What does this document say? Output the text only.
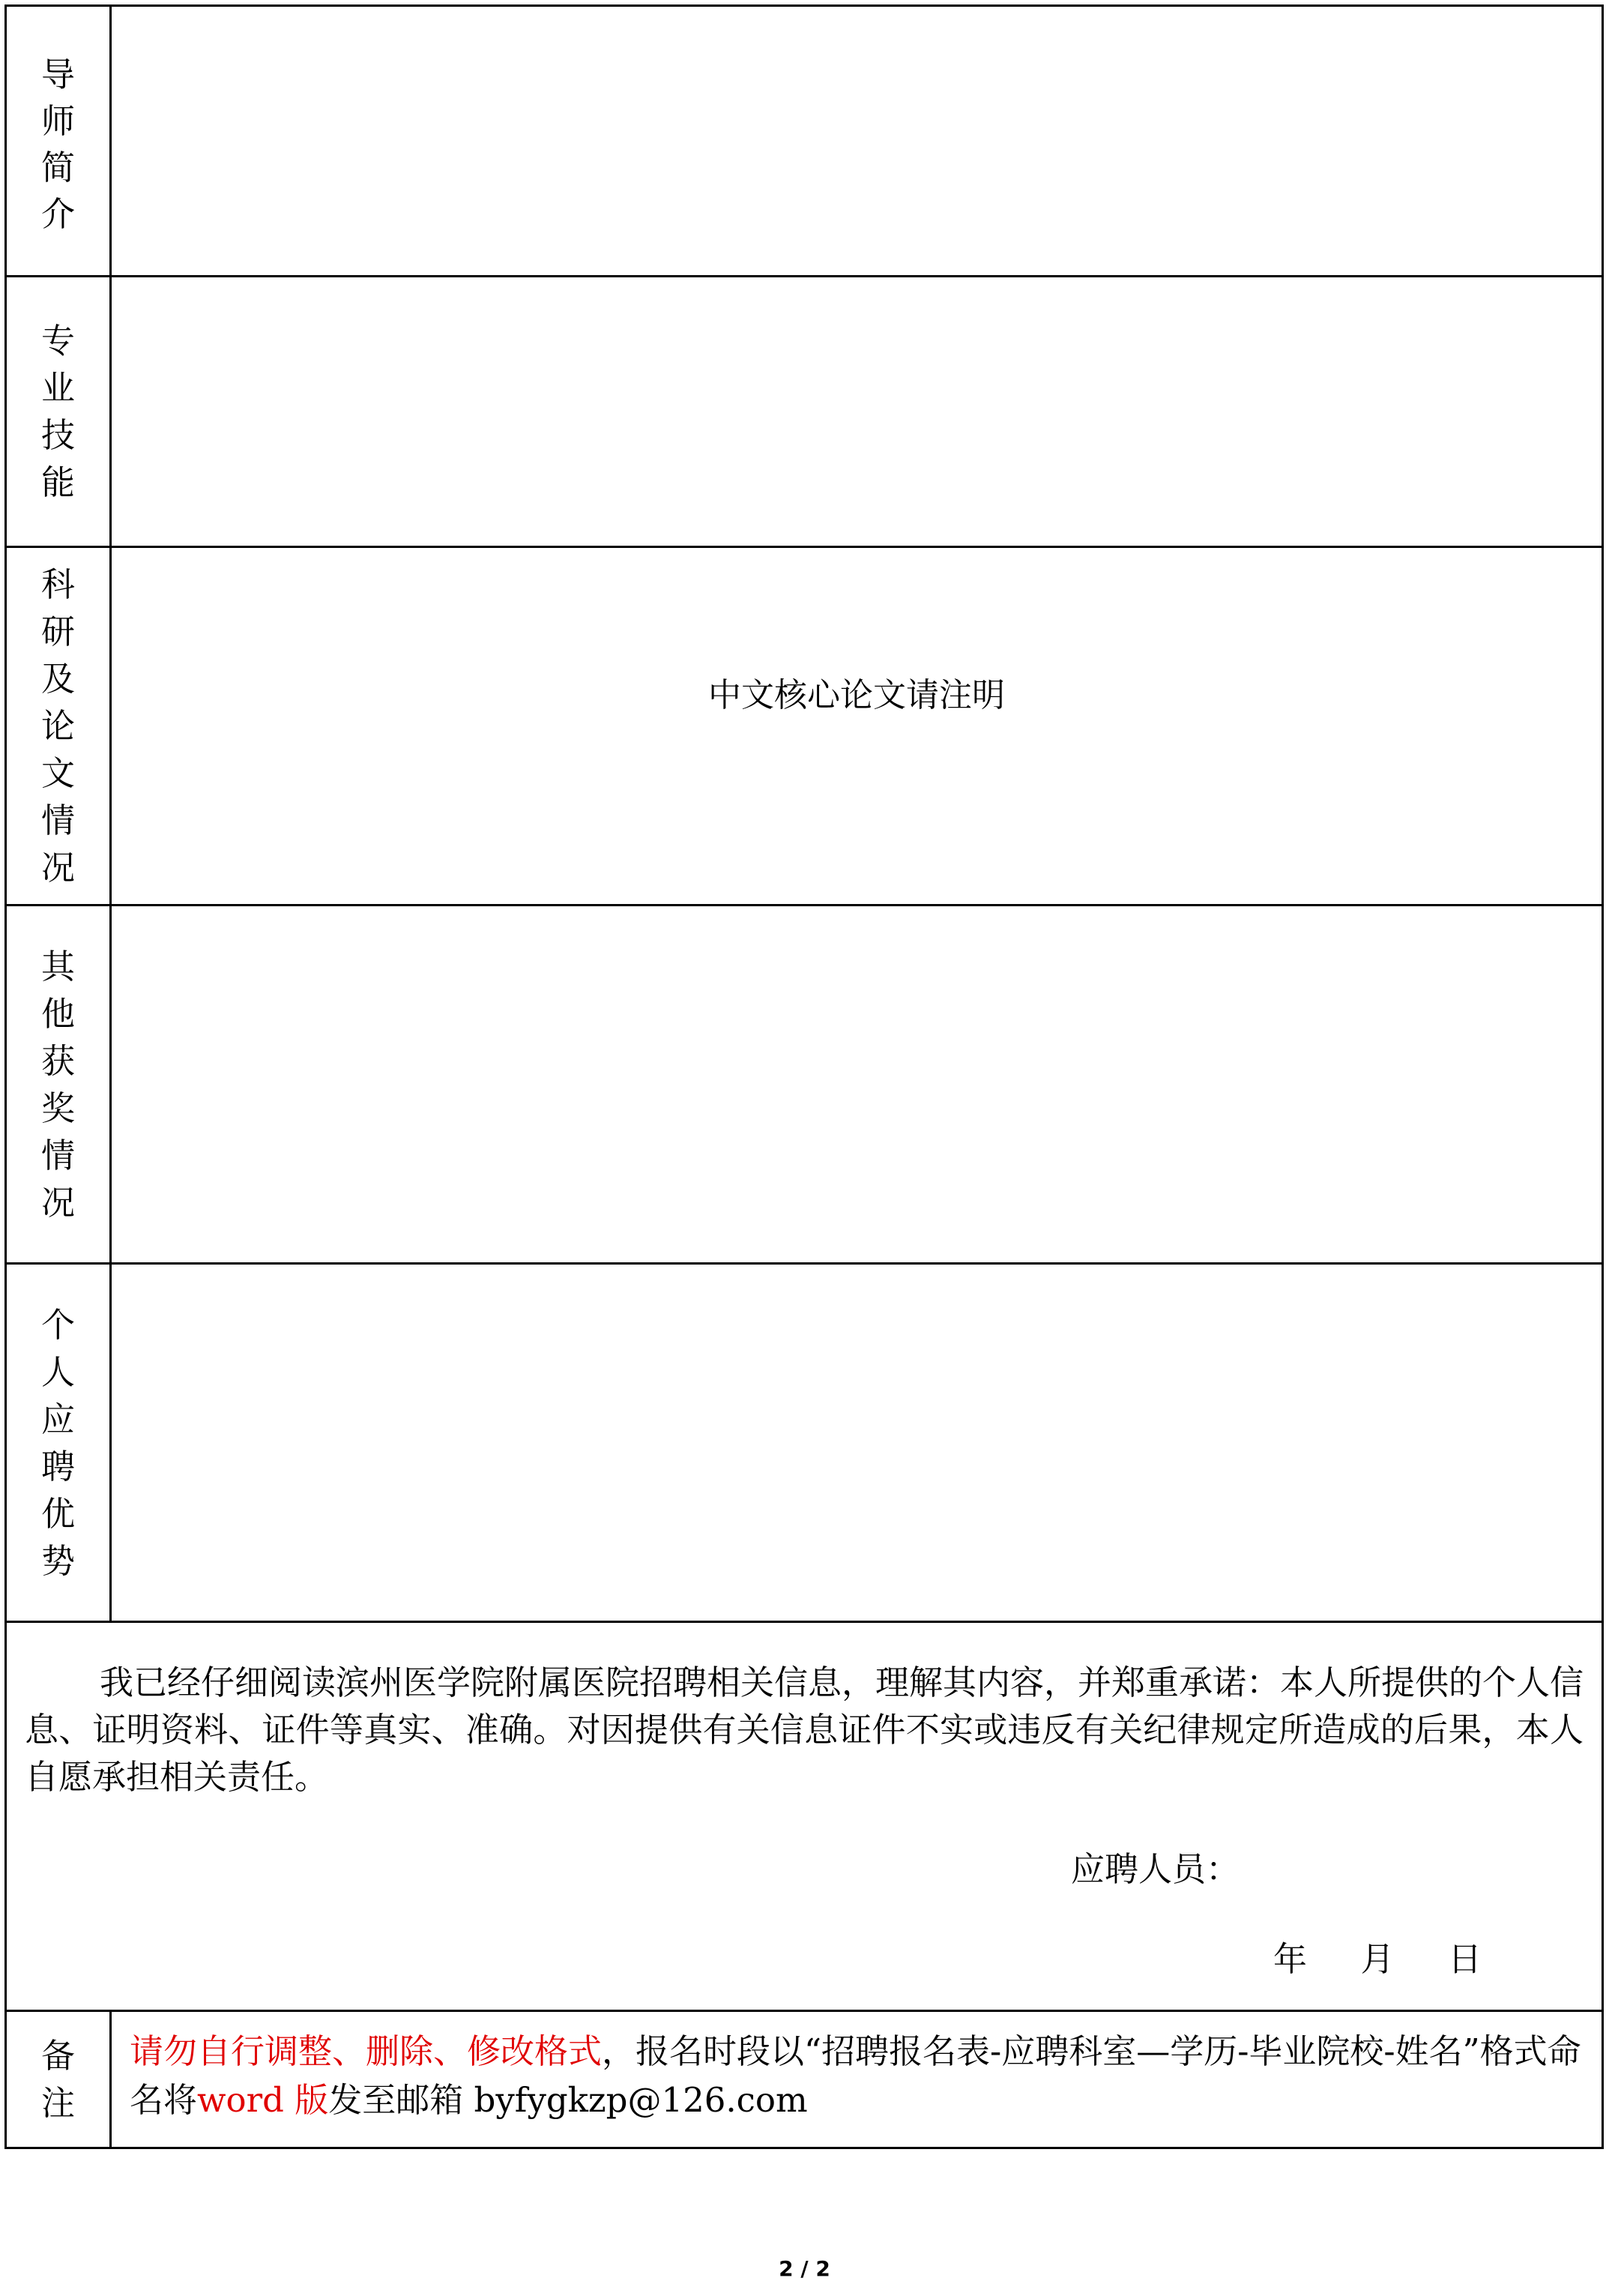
导师简介
专业技能
科研及论文情况
中文核心论文请注明
其他获奖情况
个人应聘优势
我已经仔细阅读滨州医学院附属医院招聘相关信息，理解其内容，并郑重承诺：本人所提供的个人信息、证明资料、证件等真实、准确。对因提供有关信息证件不实或违反有关纪律规定所造成的后果，本人自愿承担相关责任。
应聘人员：
年 月 日
备注
请勿自行调整、删除、修改格式，报名时段以“招聘报名表-应聘科室—学历-毕业院校-姓名”格式命名将word 版发至邮箱 byfygkzp@126.com
2 / 2
